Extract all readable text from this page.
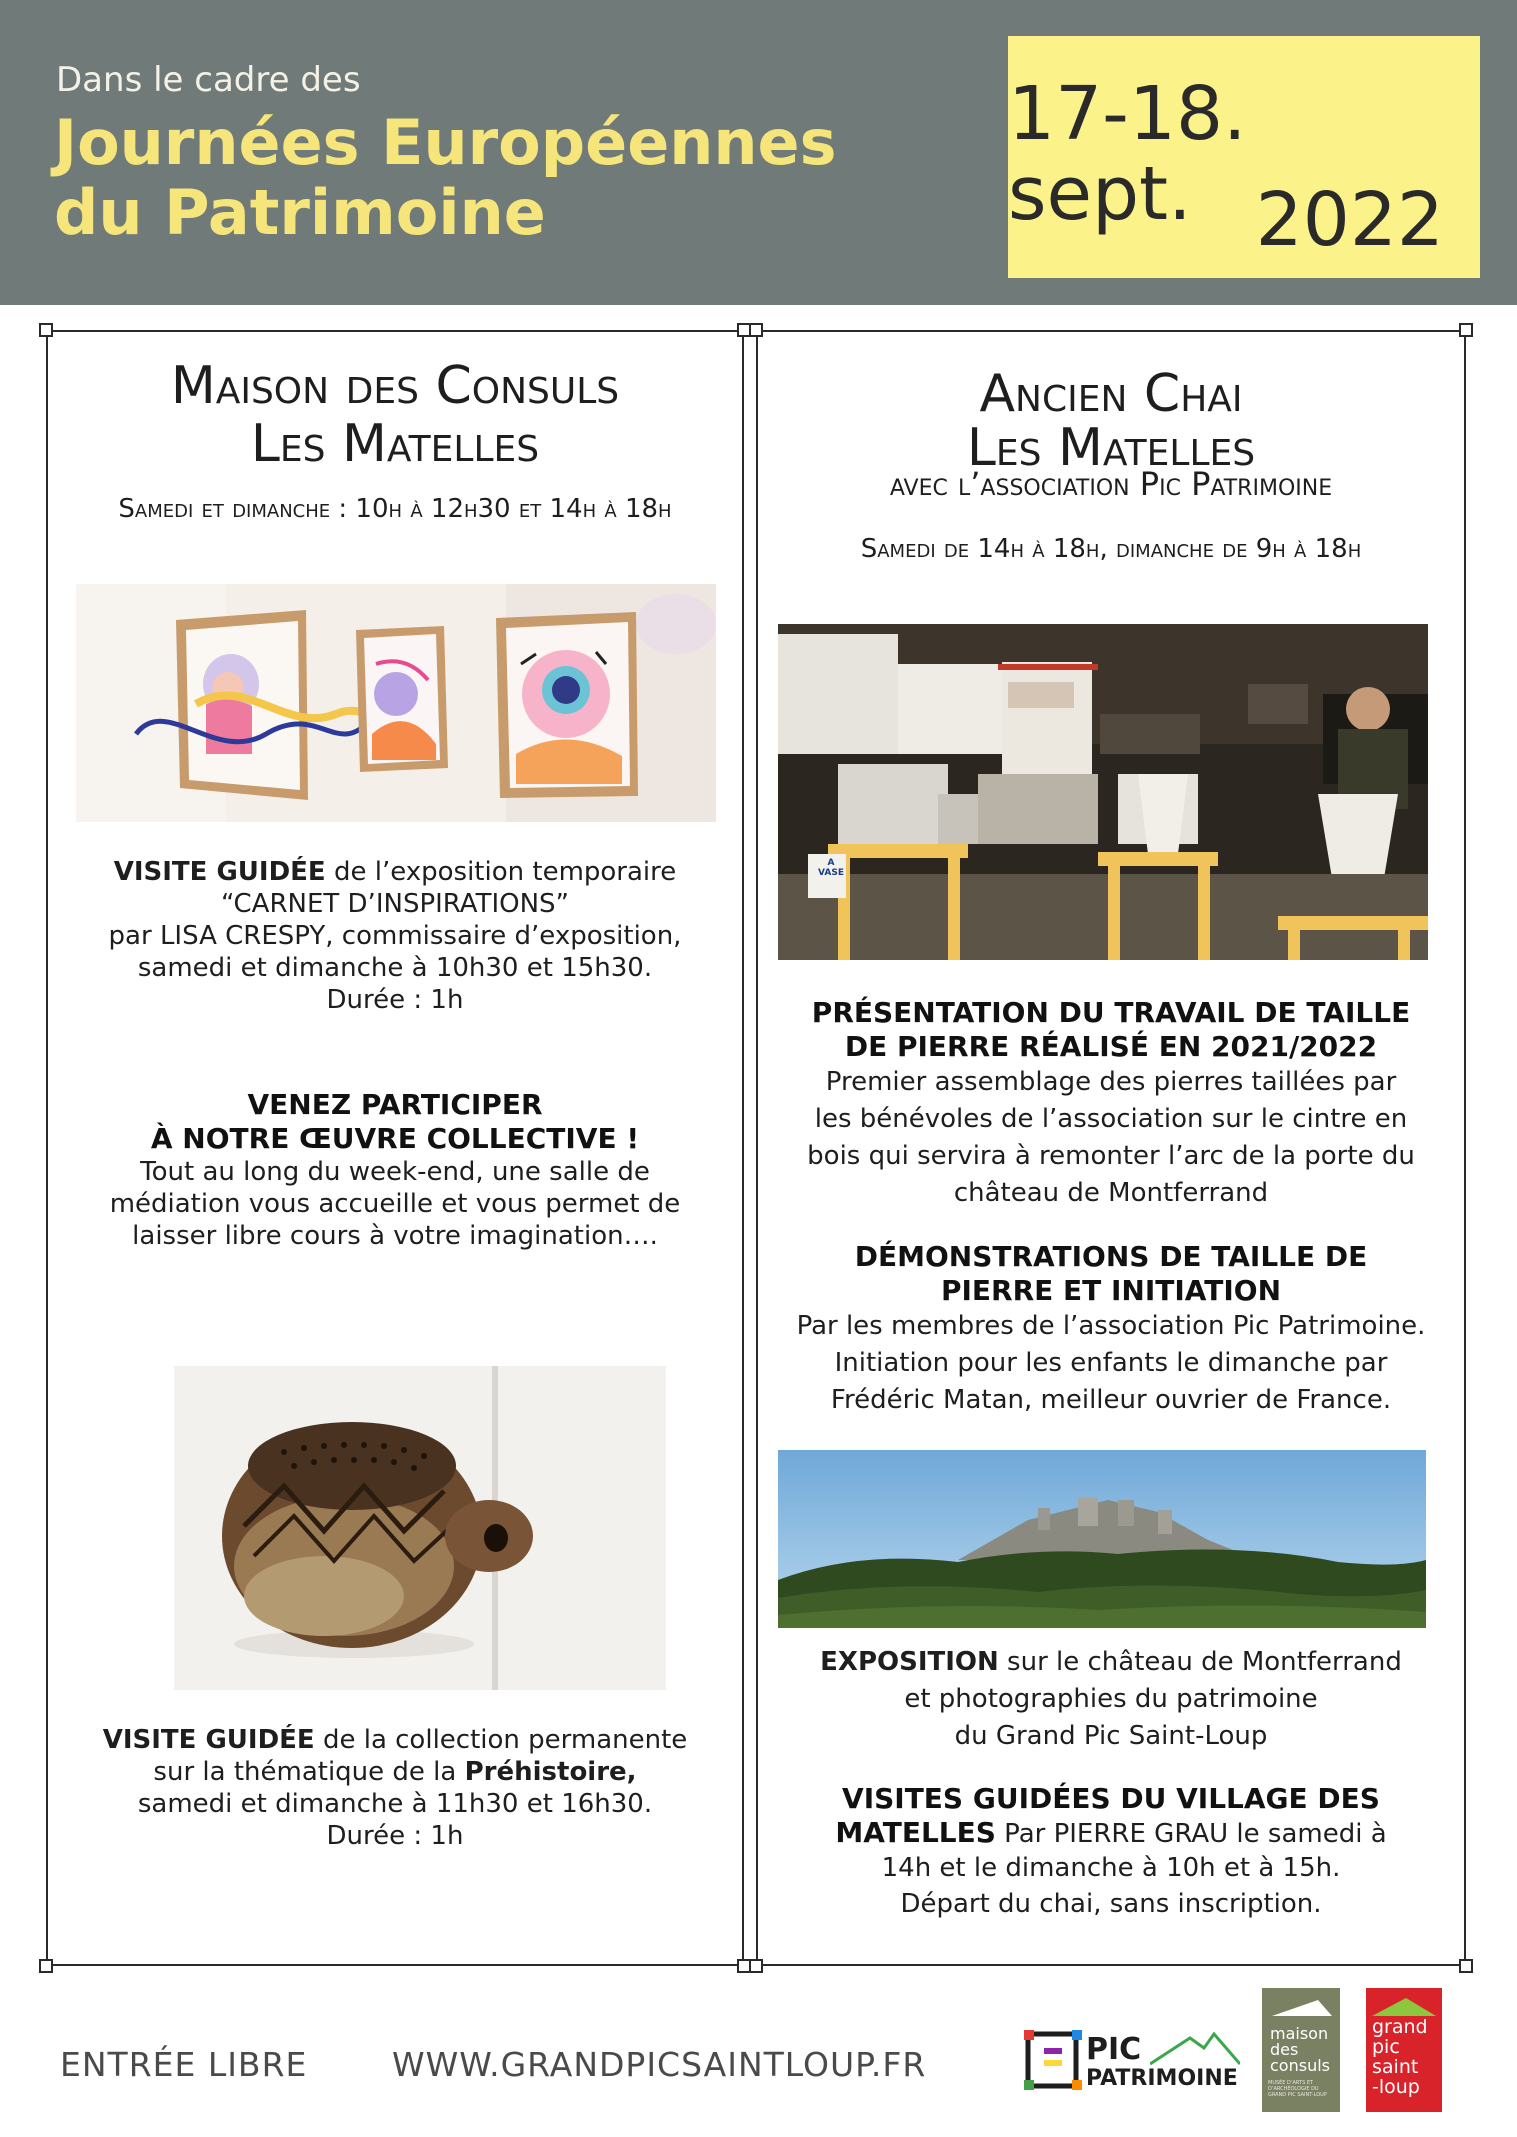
Dans le cadre des
Journées Européennes
du Patrimoine
17-18. sept. 2022
Maison des Consuls
Les Matelles
Samedi et dimanche : 10h à 12h30 et 14h à 18h
VISITE GUIDÉE de l’exposition temporaire
“CARNET D’INSPIRATIONS”
par LISA CRESPY, commissaire d’exposition,
samedi et dimanche à 10h30 et 15h30.
Durée : 1h
VENEZ PARTICIPER
À NOTRE ŒUVRE COLLECTIVE !
Tout au long du week-end, une salle de
médiation vous accueille et vous permet de
laisser libre cours à votre imagination….
VISITE GUIDÉE de la collection permanente
sur la thématique de la Préhistoire,
samedi et dimanche à 11h30 et 16h30.
Durée : 1h
Ancien Chai
Les Matelles
avec l’association Pic Patrimoine
Samedi de 14h à 18h, dimanche de 9h à 18h
A VASE
PRÉSENTATION DU TRAVAIL DE TAILLE
DE PIERRE RÉALISÉ EN 2021/2022
Premier assemblage des pierres taillées par
les bénévoles de l’association sur le cintre en
bois qui servira à remonter l’arc de la porte du
château de Montferrand
DÉMONSTRATIONS DE TAILLE DE
PIERRE ET INITIATION
Par les membres de l’association Pic Patrimoine.
Initiation pour les enfants le dimanche par
Frédéric Matan, meilleur ouvrier de France.
EXPOSITION sur le château de Montferrand
et photographies du patrimoine
du Grand Pic Saint-Loup
VISITES GUIDÉES DU VILLAGE DES
MATELLES Par PIERRE GRAU le samedi à
14h et le dimanche à 10h et à 15h.
Départ du chai, sans inscription.
ENTRÉE LIBRE	WWW.GRANDPICSAINTLOUP.FR	PIC
PATRIMOINE
maison
des
consuls
MUSÉE D’ARTS ET D’ARCHÉOLOGIE DU GRAND PIC SAINT-LOUP
grand
pic
saint
-loup
